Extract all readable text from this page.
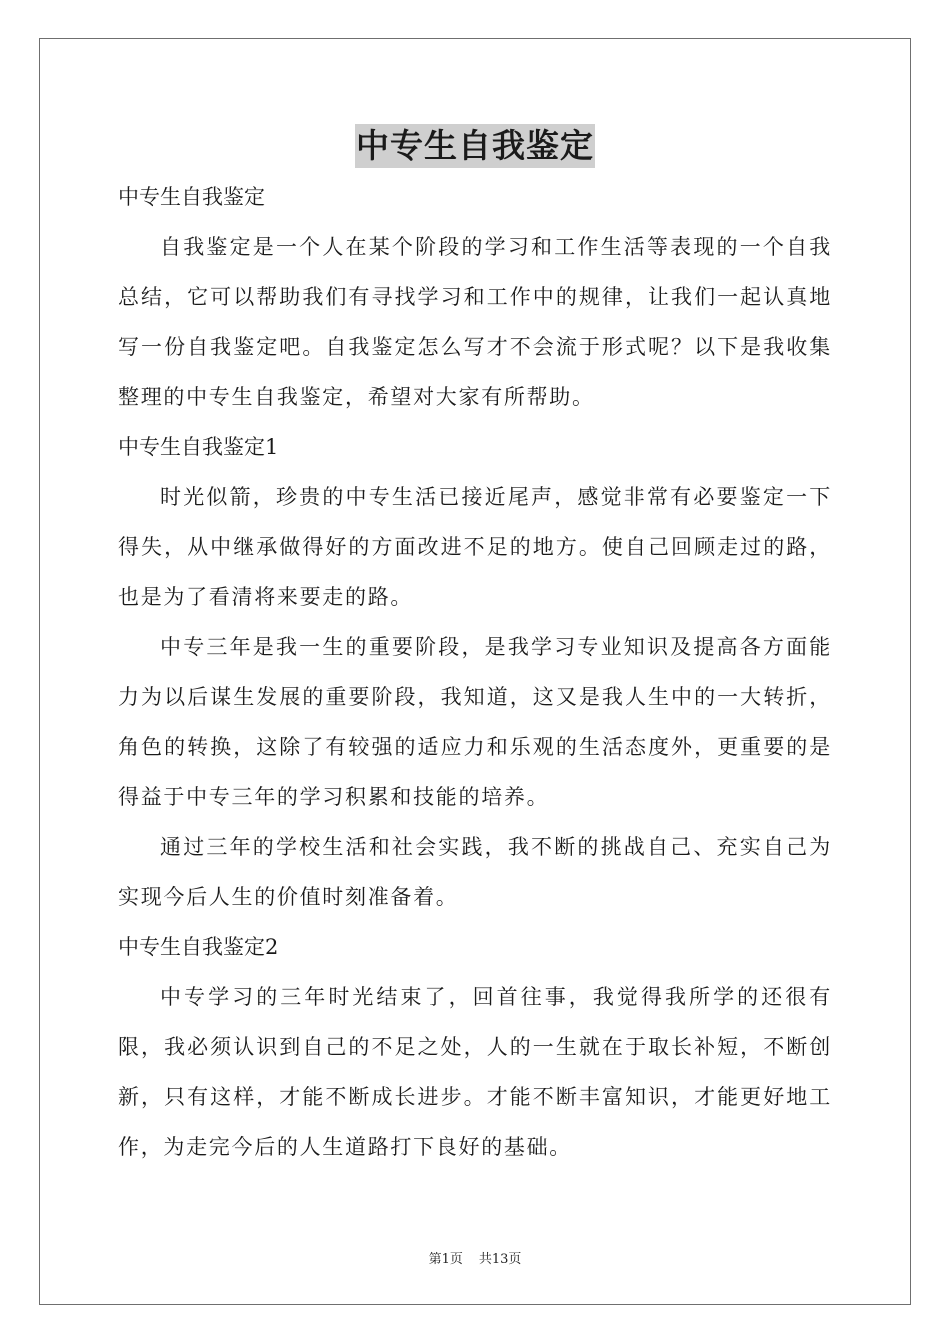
中专生自我鉴定

中专生自我鉴定

自我鉴定是一个人在某个阶段的学习和工作生活等表现的一个自我总结，它可以帮助我们有寻找学习和工作中的规律，让我们一起认真地写一份自我鉴定吧。自我鉴定怎么写才不会流于形式呢？以下是我收集整理的中专生自我鉴定，希望对大家有所帮助。

中专生自我鉴定1

时光似箭，珍贵的中专生活已接近尾声，感觉非常有必要鉴定一下得失，从中继承做得好的方面改进不足的地方。使自己回顾走过的路，也是为了看清将来要走的路。

中专三年是我一生的重要阶段，是我学习专业知识及提高各方面能力为以后谋生发展的重要阶段，我知道，这又是我人生中的一大转折，角色的转换，这除了有较强的适应力和乐观的生活态度外，更重要的是得益于中专三年的学习积累和技能的培养。

通过三年的学校生活和社会实践，我不断的挑战自己、充实自己为实现今后人生的价值时刻准备着。

中专生自我鉴定2

中专学习的三年时光结束了，回首往事，我觉得我所学的还很有限，我必须认识到自己的不足之处，人的一生就在于取长补短，不断创新，只有这样，才能不断成长进步。才能不断丰富知识，才能更好地工作，为走完今后的人生道路打下良好的基础。

第1页 共13页
